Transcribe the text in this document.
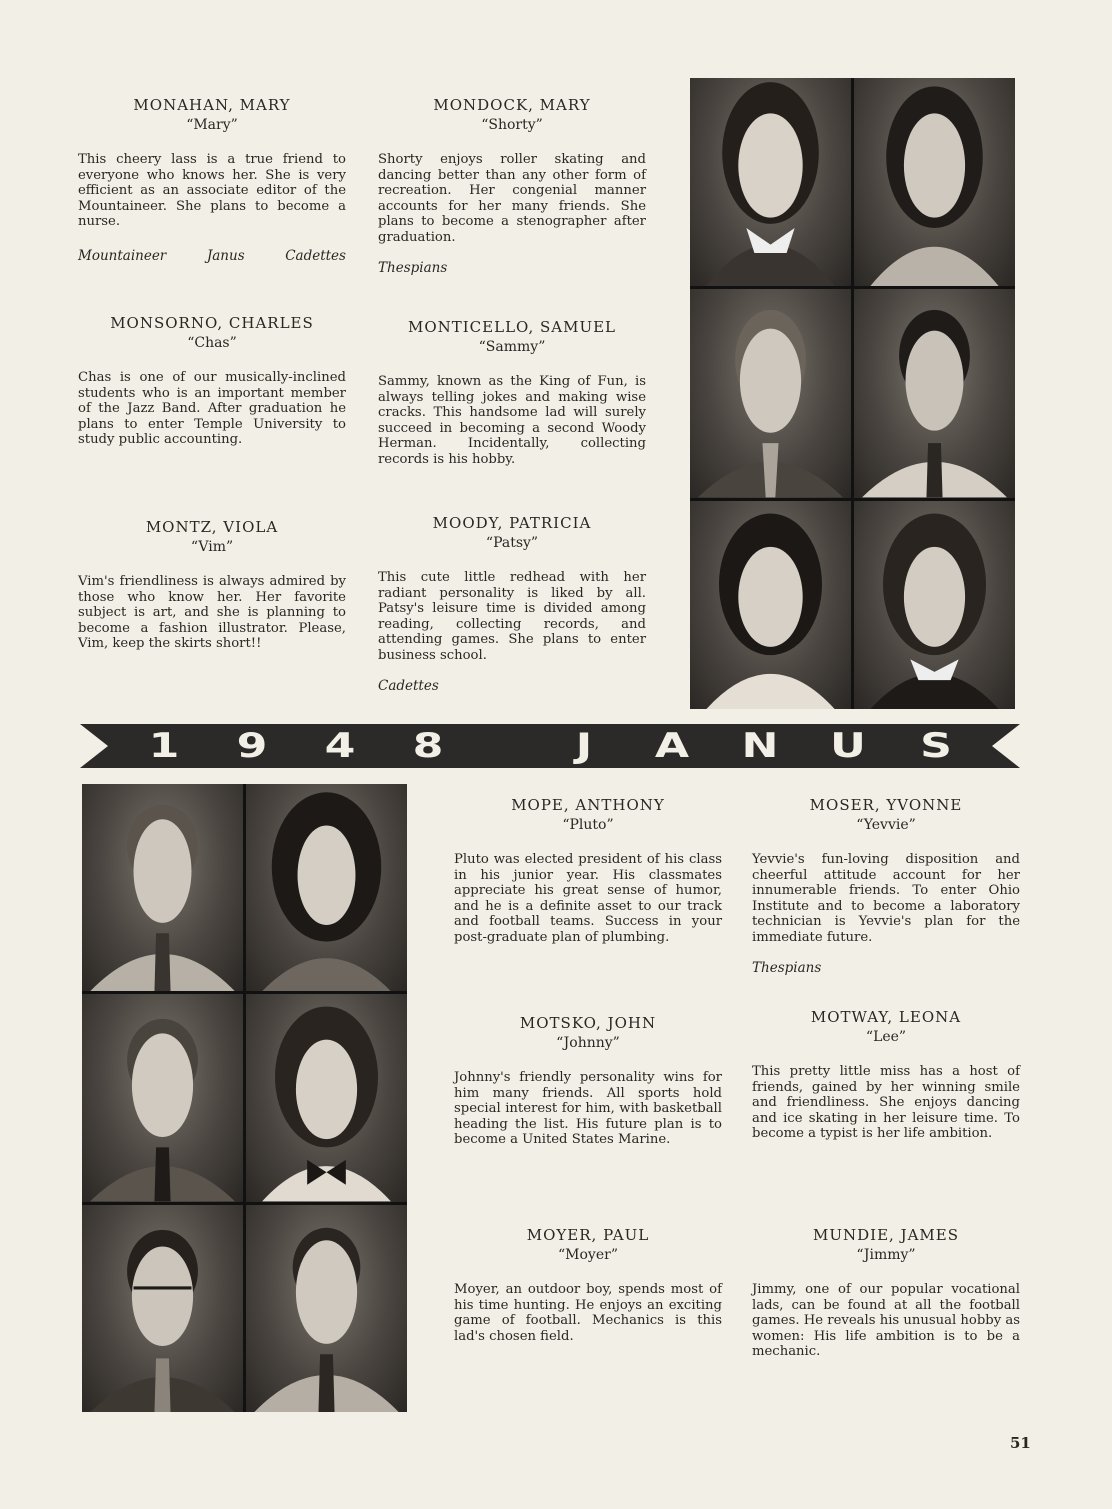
MONAHAN, MARY
“Mary”

This cheery lass is a true friend to everyone who knows her. She is very efficient as an associate editor of the Mountaineer. She plans to become a nurse.

Mountaineer	Janus	Cadettes
MONSORNO, CHARLES
“Chas”

Chas is one of our musically-inclined students who is an important member of the Jazz Band. After graduation he plans to enter Temple University to study public accounting.

MONTZ, VIOLA
“Vim”

Vim's friendliness is always admired by those who know her. Her favorite subject is art, and she is planning to become a fashion illustrator. Please, Vim, keep the skirts short!!

MONDOCK, MARY
“Shorty”

Shorty enjoys roller skating and dancing better than any other form of recreation. Her congenial manner accounts for her many friends. She plans to become a stenographer after graduation.

Thespians
MONTICELLO, SAMUEL
“Sammy”

Sammy, known as the King of Fun, is always telling jokes and making wise cracks. This handsome lad will surely succeed in becoming a second Woody Herman. Incidentally, collecting records is his hobby.

MOODY, PATRICIA
“Patsy”

This cute little redhead with her radiant personality is liked by all. Patsy's leisure time is divided among reading, collecting records, and attending games. She plans to enter business school.

Cadettes
1	9	4	8	J	A	N	U	S
MOPE, ANTHONY
“Pluto”

Pluto was elected president of his class in his junior year. His classmates appreciate his great sense of humor, and he is a definite asset to our track and football teams. Success in your post-graduate plan of plumbing.

MOTSKO, JOHN
“Johnny”

Johnny's friendly personality wins for him many friends. All sports hold special interest for him, with basketball heading the list. His future plan is to become a United States Marine.

MOYER, PAUL
“Moyer”

Moyer, an outdoor boy, spends most of his time hunting. He enjoys an exciting game of football. Mechanics is this lad's chosen field.

MOSER, YVONNE
“Yevvie”

Yevvie's fun-loving disposition and cheerful attitude account for her innumerable friends. To enter Ohio Institute and to become a laboratory technician is Yevvie's plan for the immediate future.

Thespians
MOTWAY, LEONA
“Lee”

This pretty little miss has a host of friends, gained by her winning smile and friendliness. She enjoys dancing and ice skating in her leisure time. To become a typist is her life ambition.

MUNDIE, JAMES
“Jimmy”

Jimmy, one of our popular vocational lads, can be found at all the football games. He reveals his unusual hobby as women: His life ambition is to be a mechanic.

51
